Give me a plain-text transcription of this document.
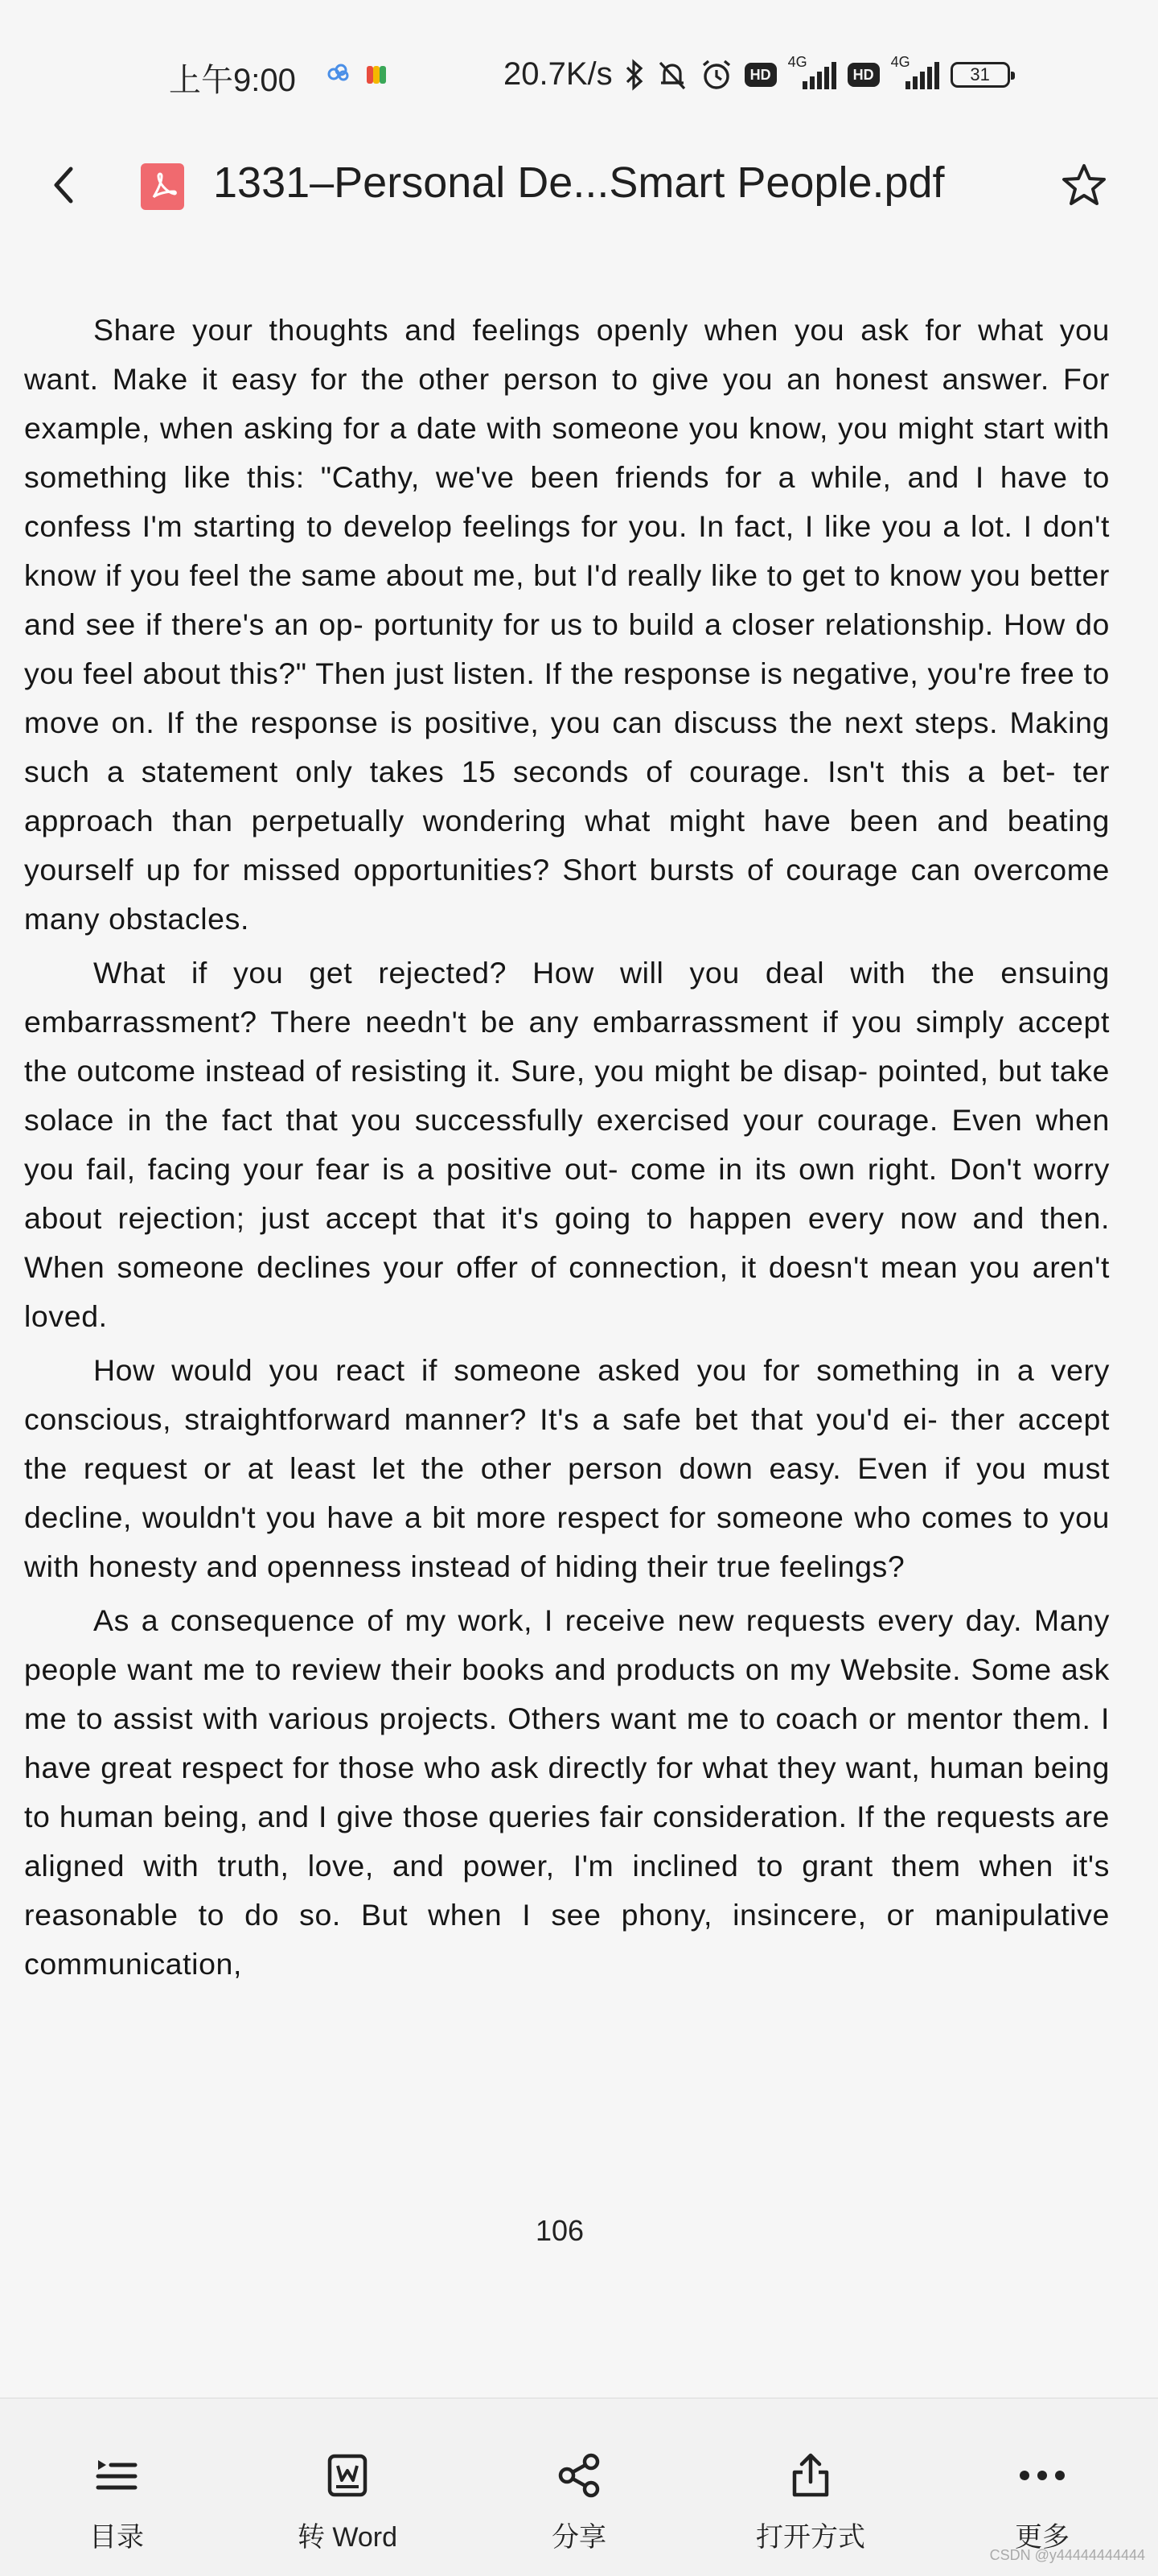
上午9:00	20.7K/s	HD
4G
HD
4G
31
1331–Personal De...Smart People.pdf

Share your thoughts and feelings openly when you ask for what you want. Make it easy for the other person to give you an honest answer. For example, when asking for a date with someone you know, you might start with something like this: "Cathy, we've been friends for a while, and I have to confess I'm starting to develop feelings for you. In fact, I like you a lot. I don't know if you feel the same about me, but I'd really like to get to know you better and see if there's an op- portunity for us to build a closer relationship. How do you feel about this?" Then just listen. If the response is negative, you're free to move on. If the response is positive, you can discuss the next steps. Making such a statement only takes 15 seconds of courage. Isn't this a bet- ter approach than perpetually wondering what might have been and beating yourself up for missed opportunities? Short bursts of courage can overcome many obstacles.

What if you get rejected? How will you deal with the ensuing embarrassment? There needn't be any embarrassment if you simply accept the outcome instead of resisting it. Sure, you might be disap- pointed, but take solace in the fact that you successfully exercised your courage. Even when you fail, facing your fear is a positive out- come in its own right. Don't worry about rejection; just accept that it's going to happen every now and then. When someone declines your offer of connection, it doesn't mean you aren't loved.

How would you react if someone asked you for something in a very conscious, straightforward manner? It's a safe bet that you'd ei- ther accept the request or at least let the other person down easy. Even if you must decline, wouldn't you have a bit more respect for someone who comes to you with honesty and openness instead of hiding their true feelings?

As a consequence of my work, I receive new requests every day. Many people want me to review their books and products on my Website. Some ask me to assist with various projects. Others want me to coach or mentor them. I have great respect for those who ask directly for what they want, human being to human being, and I give those queries fair consideration. If the requests are aligned with truth, love, and power, I'm inclined to grant them when it's reasonable to do so. But when I see phony, insincere, or manipulative communication,

106
目录	转 Word	分享	打开方式	更多
CSDN @y44444444444
